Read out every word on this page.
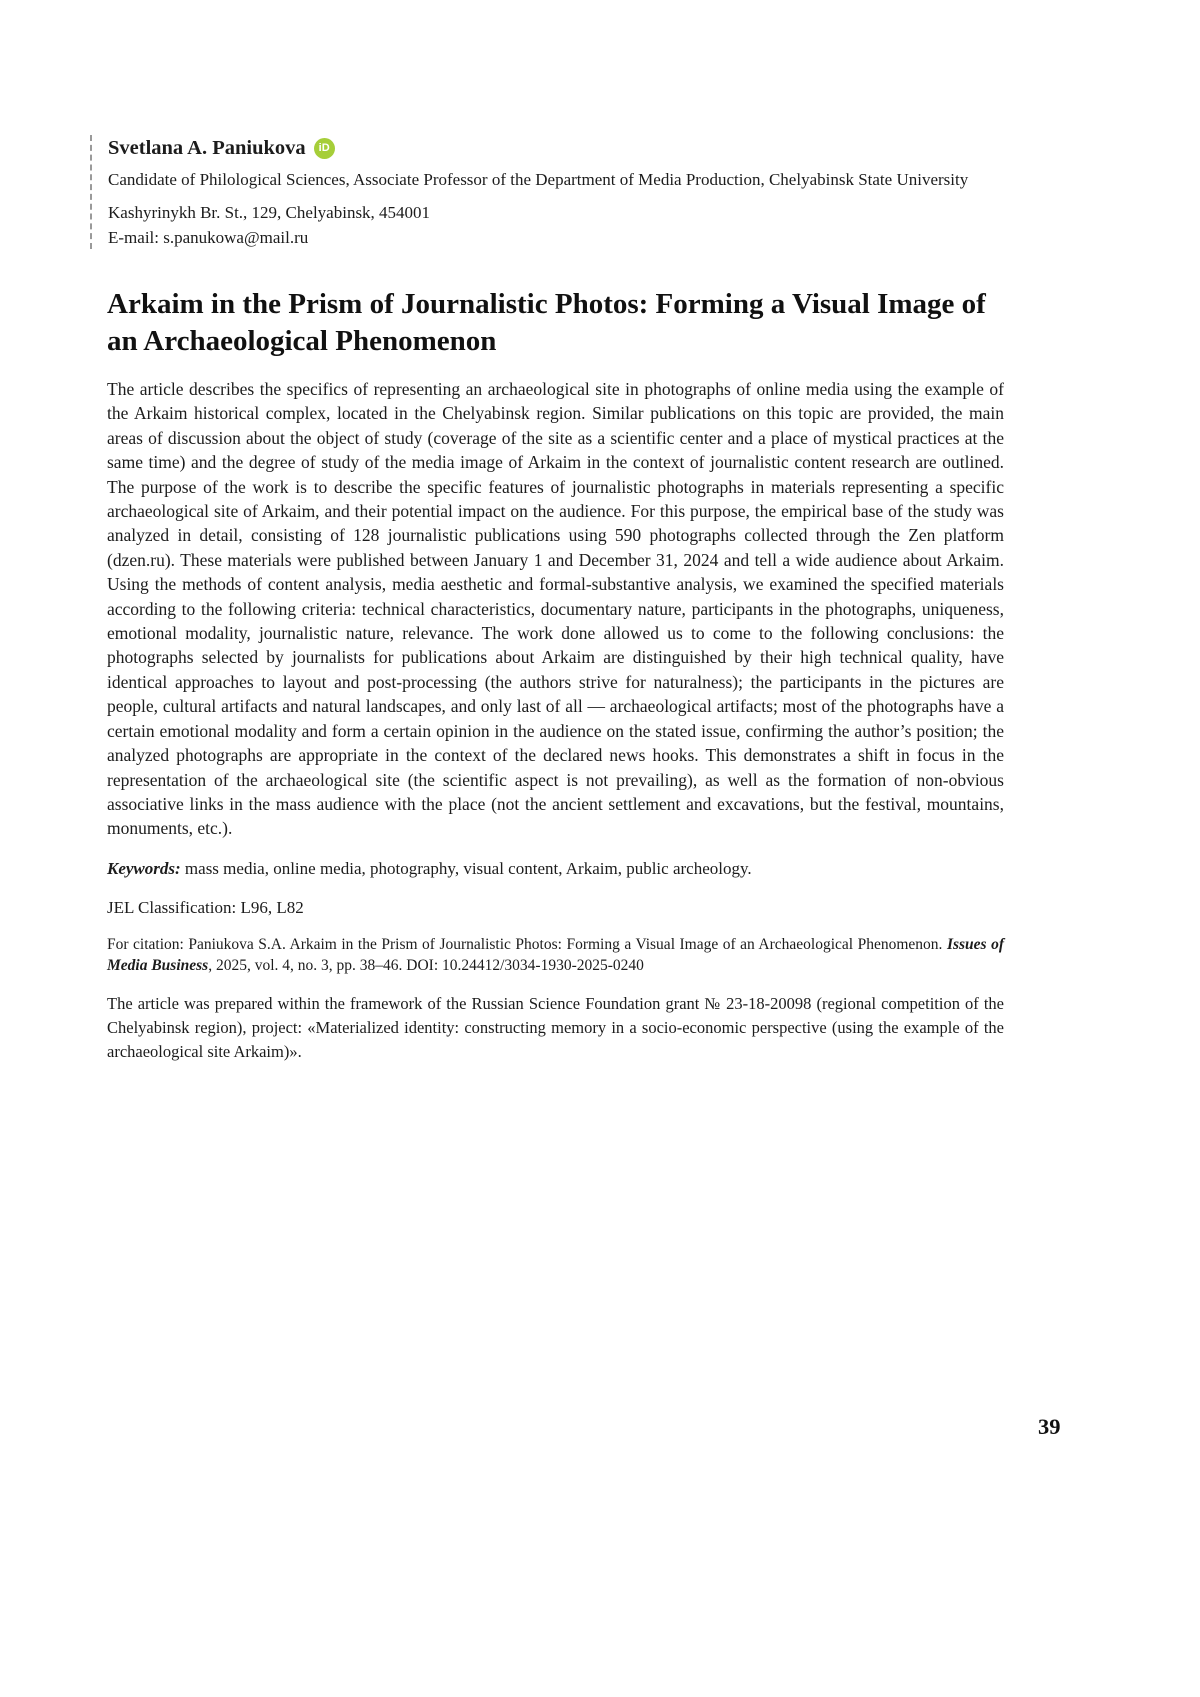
Svetlana A. Paniukova	iD
Candidate of Philological Sciences, Associate Professor of the Department of Media Production, Chelyabinsk State University
Kashyrinykh Br. St., 129, Chelyabinsk, 454001
E-mail: s.panukowa@mail.ru
Arkaim in the Prism of Journalistic Photos: Forming a Visual Image of an Archaeological Phenomenon

The article describes the specifics of representing an archaeological site in photographs of online media using the example of the Arkaim historical complex, located in the Chelyabinsk region. Similar publications on this topic are provided, the main areas of discussion about the object of study (coverage of the site as a scientific center and a place of mystical practices at the same time) and the degree of study of the media image of Arkaim in the context of journalistic content research are outlined. The purpose of the work is to describe the specific features of journalistic photographs in materials representing a specific archaeological site of Arkaim, and their potential impact on the audience. For this purpose, the empirical base of the study was analyzed in detail, consisting of 128 journalistic publications using 590 photographs collected through the Zen platform (dzen.ru). These materials were published between January 1 and December 31, 2024 and tell a wide audience about Arkaim. Using the methods of content analysis, media aesthetic and formal-substantive analysis, we examined the specified materials according to the following criteria: technical characteristics, documentary nature, participants in the photographs, uniqueness, emotional modality, journalistic nature, relevance. The work done allowed us to come to the following conclusions: the photographs selected by journalists for publications about Arkaim are distinguished by their high technical quality, have identical approaches to layout and post-processing (the authors strive for naturalness); the participants in the pictures are people, cultural artifacts and natural landscapes, and only last of all — archaeological artifacts; most of the photographs have a certain emotional modality and form a certain opinion in the audience on the stated issue, confirming the author’s position; the analyzed photographs are appropriate in the context of the declared news hooks. This demonstrates a shift in focus in the representation of the archaeological site (the scientific aspect is not prevailing), as well as the formation of non-obvious associative links in the mass audience with the place (not the ancient settlement and excavations, but the festival, mountains, monuments, etc.).

Keywords: mass media, online media, photography, visual content, Arkaim, public archeology.

JEL Classification: L96, L82

For citation: Paniukova S.A. Arkaim in the Prism of Journalistic Photos: Forming a Visual Image of an Archaeological Phenomenon. Issues of Media Business, 2025, vol. 4, no. 3, pp. 38–46. DOI: 10.24412/3034-1930-2025-0240

The article was prepared within the framework of the Russian Science Foundation grant № 23-18-20098 (regional competition of the Chelyabinsk region), project: «Materialized identity: constructing memory in a socio-economic perspective (using the example of the archaeological site Arkaim)».

39
